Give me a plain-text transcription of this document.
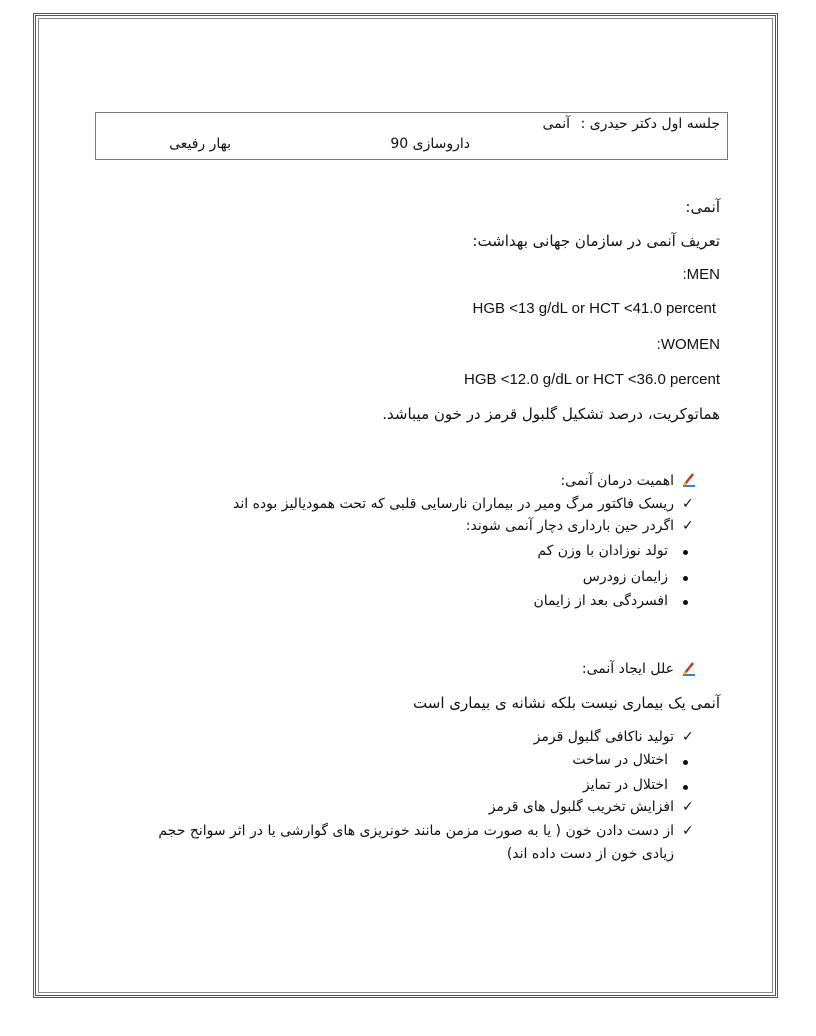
جلسه اول دکتر حیدری :
آنمی
داروسازی 90
بهار رفیعی
آنمی:
تعریف آنمی در سازمان جهانی بهداشت:
:MEN
HGB <13 g/dL or HCT <41.0 percent
:WOMEN
HGB <12.0 g/dL or HCT <36.0 percent
هماتوکریت، درصد تشکیل گلبول قرمز در خون میباشد.
اهمیت درمان آنمی:
✓
ریسک فاکتور مرگ ومیر در بیماران نارسایی قلبی که تحت همودیالیز بوده اند
✓
اگردر حین بارداری دچار آنمی شوند:
تولد نوزادان با وزن کم
زایمان زودرس
افسردگی بعد از زایمان
علل ایجاد آنمی:
آنمی یک بیماری نیست بلکه نشانه ی بیماری است
✓
تولید ناکافی گلبول قرمز
اختلال در ساخت
اختلال در تمایز
✓
افزایش تخریب گلبول های قرمز
✓
از دست دادن خون ( یا به صورت مزمن مانند خونریزی های گوارشی یا در اثر سوانح حجم
زیادی خون از دست داده اند)
